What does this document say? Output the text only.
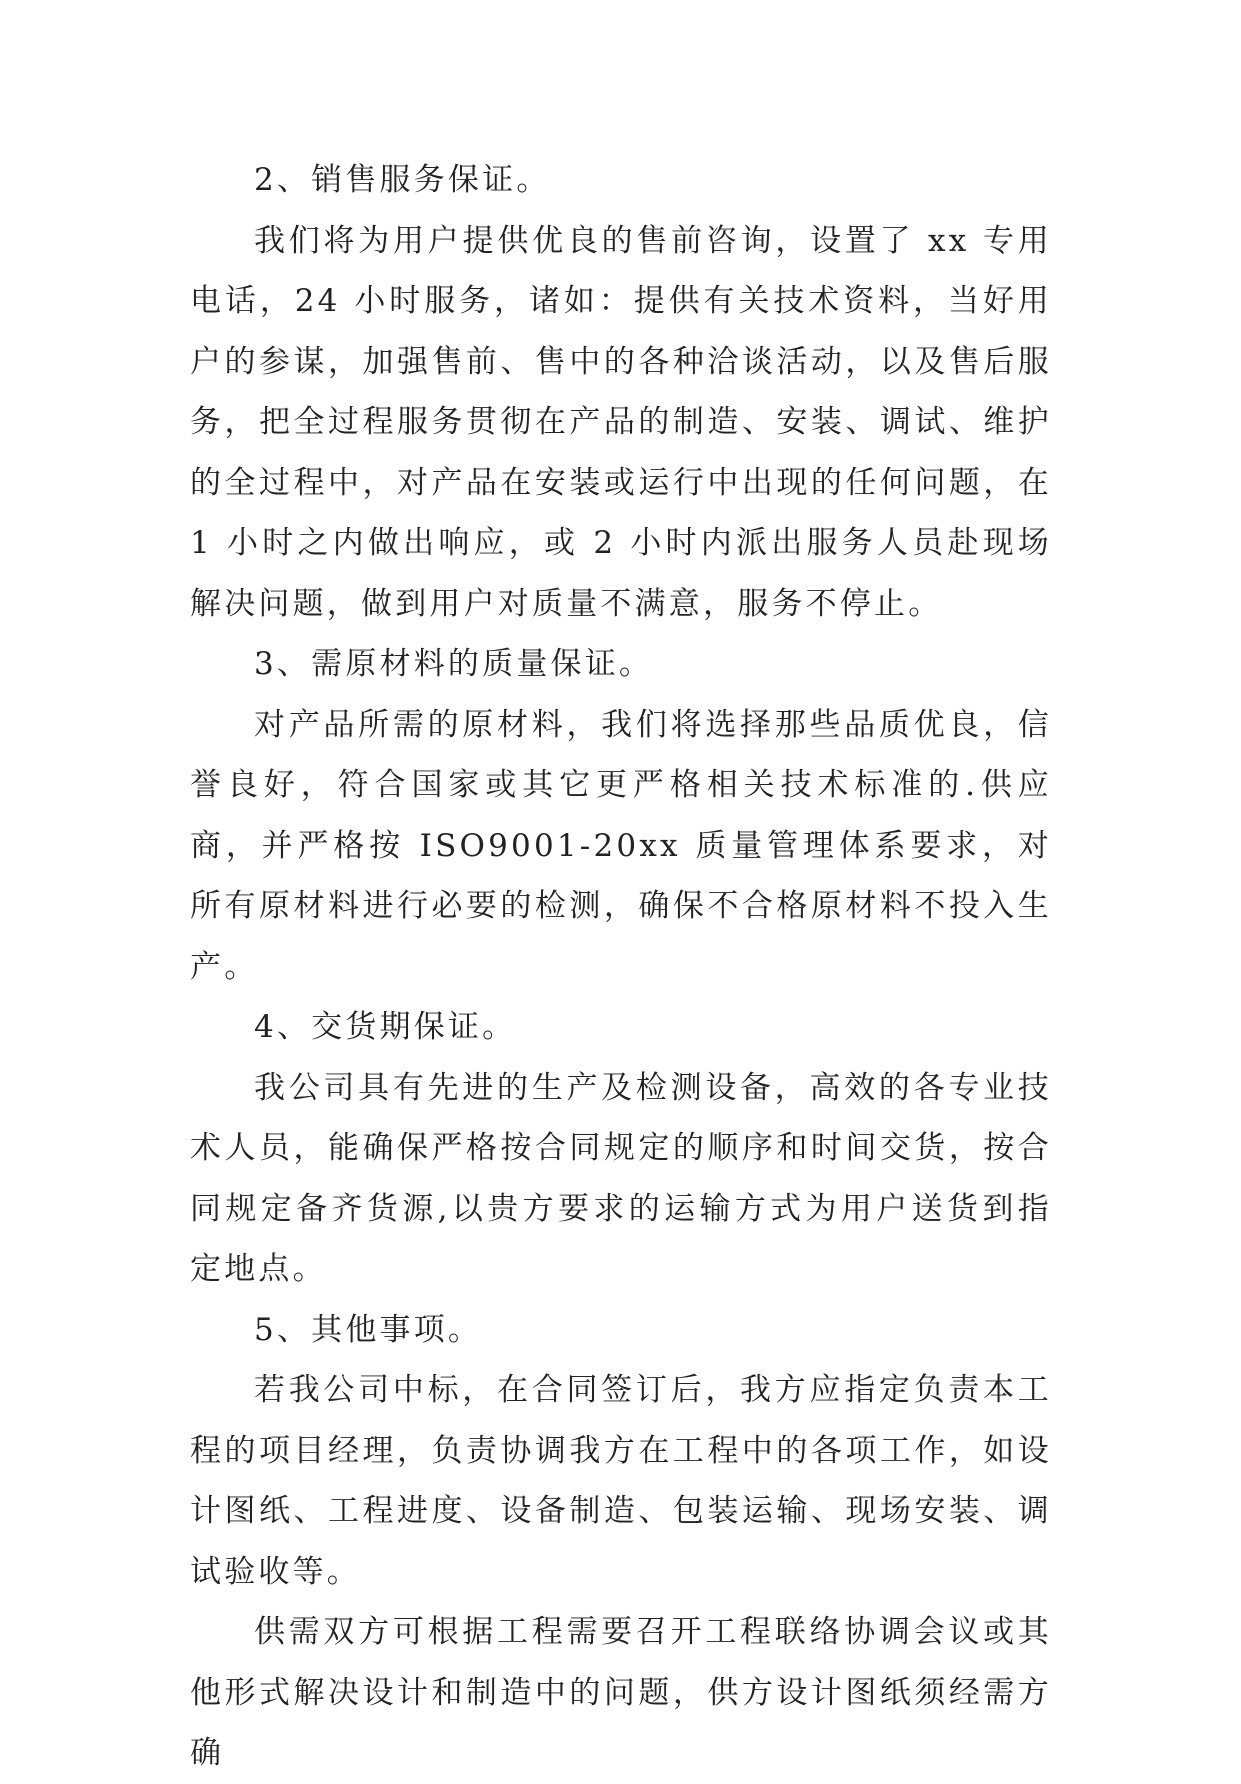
2、销售服务保证。

我们将为用户提供优良的售前咨询，设置了 xx 专用电话，24 小时服务，诸如：提供有关技术资料，当好用户的参谋，加强售前、售中的各种洽谈活动，以及售后服务，把全过程服务贯彻在产品的制造、安装、调试、维护的全过程中，对产品在安装或运行中出现的任何问题，在 1 小时之内做出响应，或 2 小时内派出服务人员赴现场解决问题，做到用户对质量不满意，服务不停止。

3、需原材料的质量保证。

对产品所需的原材料，我们将选择那些品质优良，信誉良好，符合国家或其它更严格相关技术标准的.供应商，并严格按 ISO9001-20xx 质量管理体系要求，对所有原材料进行必要的检测，确保不合格原材料不投入生产。

4、交货期保证。

我公司具有先进的生产及检测设备，高效的各专业技术人员，能确保严格按合同规定的顺序和时间交货，按合同规定备齐货源,以贵方要求的运输方式为用户送货到指定地点。

5、其他事项。

若我公司中标，在合同签订后，我方应指定负责本工程的项目经理，负责协调我方在工程中的各项工作，如设计图纸、工程进度、设备制造、包装运输、现场安装、调试验收等。

供需双方可根据工程需要召开工程联络协调会议或其他形式解决设计和制造中的问题，供方设计图纸须经需方确
